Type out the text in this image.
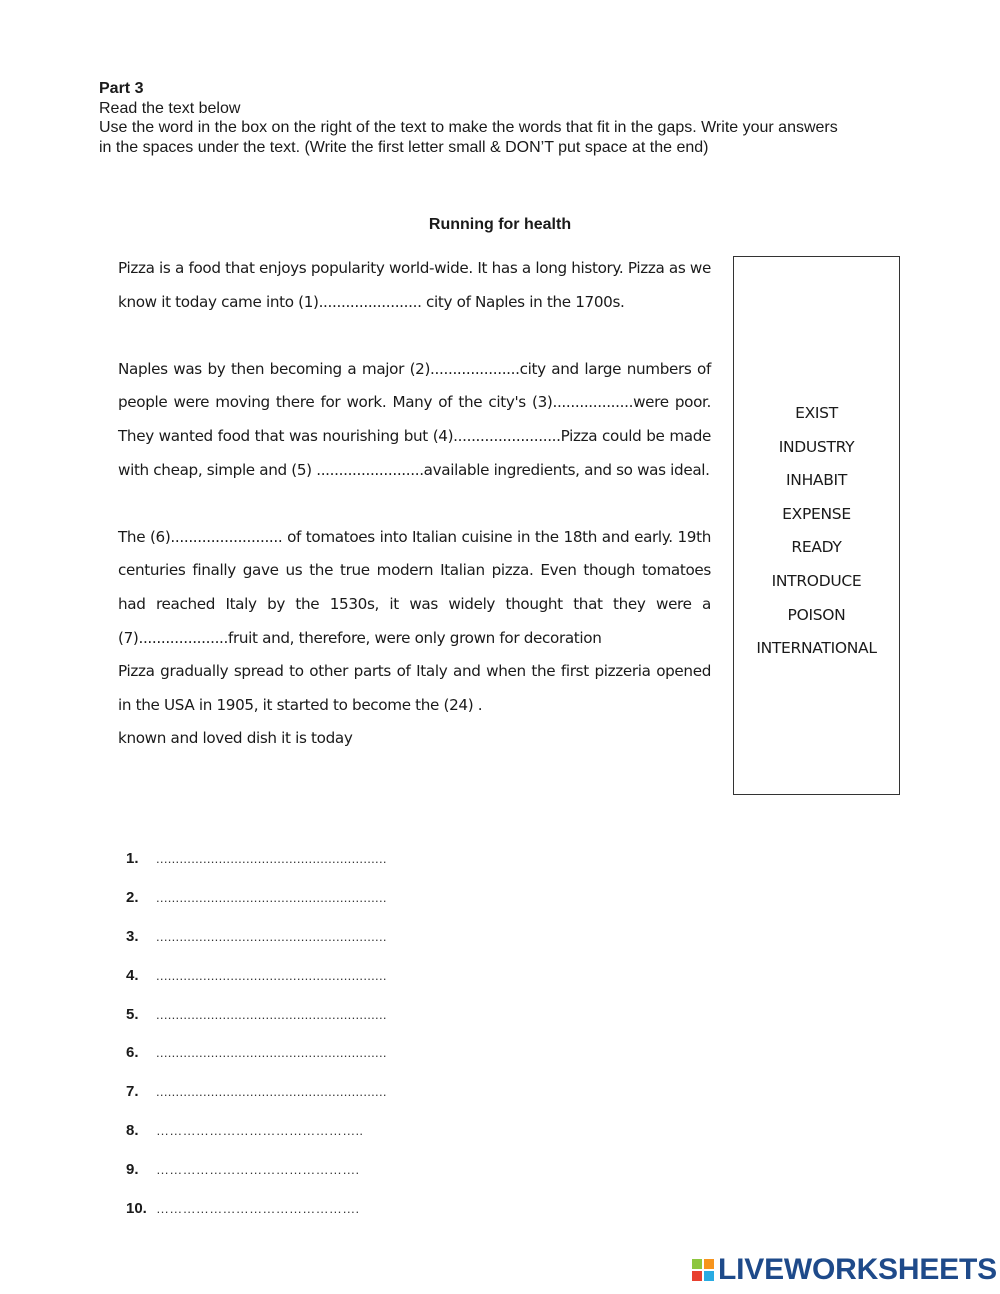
Part 3
Read the text below
Use the word in the box on the right of the text to make the words that fit in the gaps. Write your answers in the spaces under the text. (Write the first letter small & DON’T put space at the end)
Running for health

Pizza is a food that enjoys popularity world-wide. It has a long history. Pizza as we know it today came into (1)....................... city of Naples in the 1700s.

Naples was by then becoming a major (2)....................city and large numbers of people were moving there for work. Many of the city's (3)..................were poor. They wanted food that was nourishing but (4)........................Pizza could be made with cheap, simple and (5) ........................available ingredients, and so was ideal.

The (6)......................... of tomatoes into Italian cuisine in the 18th and early. 19th centuries finally gave us the true modern Italian pizza. Even though tomatoes had reached Italy by the 1530s, it was widely thought that they were a (7)....................fruit and, therefore, were only grown for decoration

Pizza gradually spread to other parts of Italy and when the first pizzeria opened in the USA in 1905, it started to become the (24) .

known and loved dish it is today

EXIST
INDUSTRY
INHABIT
EXPENSE
READY
INTRODUCE
POISON
INTERNATIONAL
1.	...........................................................
2.	...........................................................
3.	...........................................................
4.	...........................................................
5.	...........................................................
6.	...........................................................
7.	...........................................................
8.	………………………………………..
9.	……………………………………….
10. ……………………………………….
LIVEWORKSHEETS
